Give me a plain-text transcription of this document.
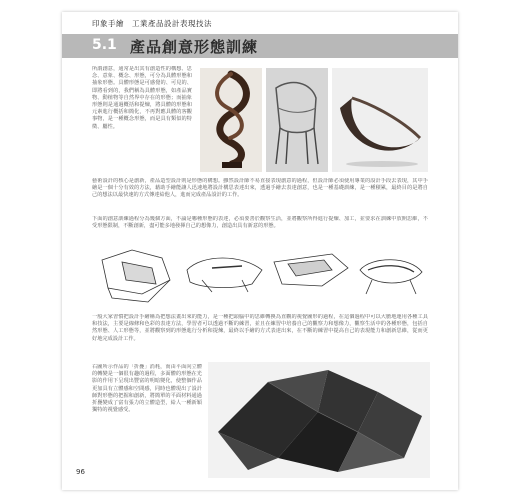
印象手繪　工業產品設計表現技法
5.1 產品創意形態訓練

所謂創意，通常是出其有創造性的構想、思念、意象、概念、形態，可分為具體形態和抽象形態。具體形態是可感覺的、可見的、即將看到的，我們稱為具體形態，如產品實物、動植物等自然界中存在的形態；而抽象形態則是通過概括和提煉，將具體的形態和元素進行概括和簡化，不再對應具體的客觀事物，是一種概念形態，而是具有類似的特徵、屬性。

藝術設計的核心是創新，產品造型設計則是形態的構想。雖然設計師不易直接表現創意的過程，但設計師必須使用專業的設計手段去表現，其中手繪是一個十分有效的方法，藉助手繪能讓人迅速地將設計構思表達出來，透過手繪去表達創意，也是一種基礎訓練，是一種積累，最終目的是將自己的想法以最快速的方式傳達給他人，進而完成產品設計的工作。

下面的創意訓練過程分為幾個方面，不論是哪種形態的表達，必須要善於觀察生活，並將觀察所得進行提煉、加工，並要求在訓練中放開思維，不受形態限制，不斷創新，盡可能多地發揮自己的想像力，創造出具有新意的形態。

一般大家習慣把設計手繪稱為把想法畫出來的能力，是一種把頭腦中的思維轉換為直觀的視覺圖形的過程，在這個過程中可以大膽地運用各種工具和技法，主要是線條和色彩的表達方法，學習者可以透過不斷的練習，並且在練習中培養自己的觀察力和想像力，觀察生活中的各種形態，包括自然形態、人工形態等，並將觀察到的形態進行分析和提煉，最終以手繪的方式表達出來，在不斷的練習中提高自己的表現能力和創新思維，從而更好地完成設計工作。

右圖所示作品的「折疊」消耗，而由平面向立體的轉變是一個很有趣的過程，多面體的形態在光影的作用下呈現出豐富的明暗變化，使整個作品更加具有立體感和空間感，同時也體現出了設計師對形態的把握和創新，將簡單的平面材料通過折疊變成了富有張力的立體造型，給人一種新穎獨特的視覺感受。

96
